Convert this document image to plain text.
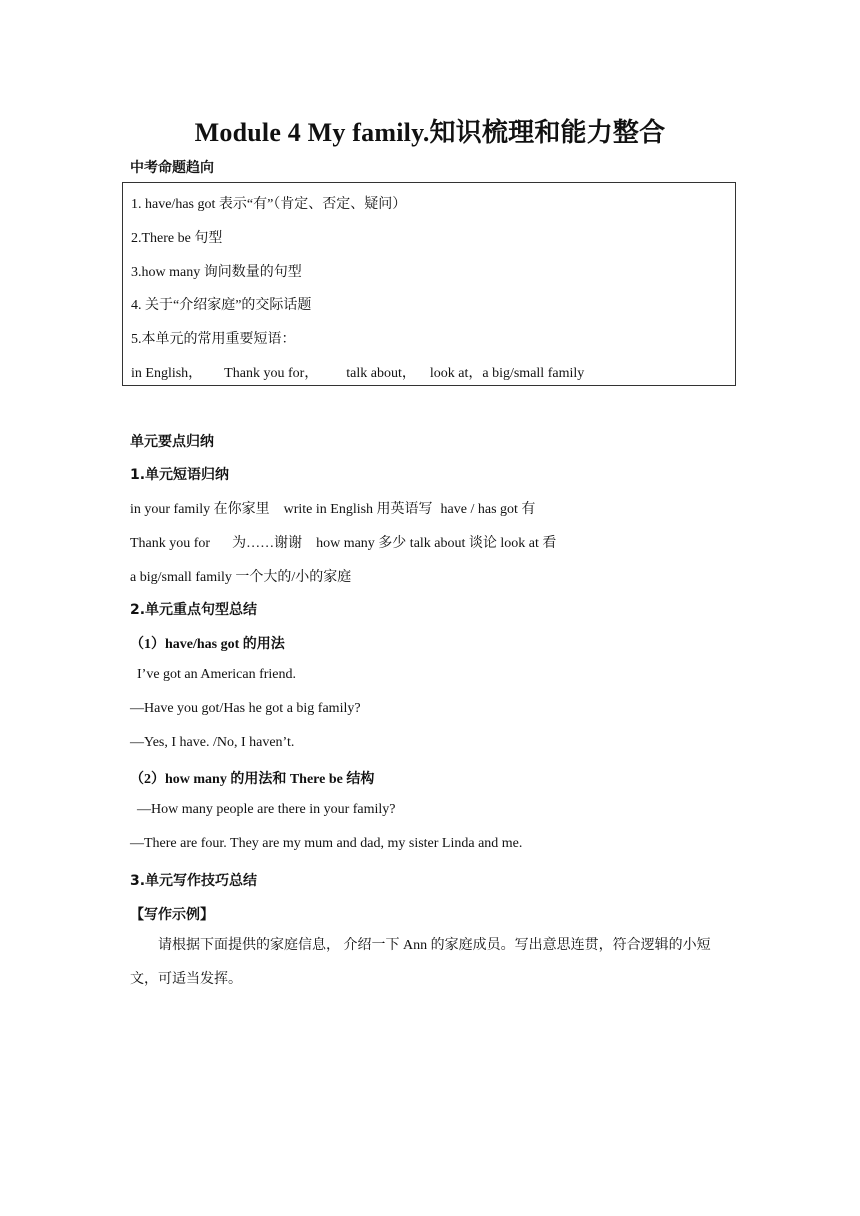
Module 4 My family.知识梳理和能力整合
中考命题趋向
1. have/has got 表示“有”（肯定、否定、疑问）
2.There be 句型
3.how many 询问数量的句型
4. 关于“介绍家庭”的交际话题
5.本单元的常用重要短语：
in English， Thank you for， talk about， look at，a big/small family
单元要点归纳
1.单元短语归纳
in your family 在你家里 write in English 用英语写 have / has got 有
Thank you for 为……谢谢 how many 多少 talk about 谈论 look at 看
a big/small family 一个大的/小的家庭
2.单元重点句型总结
（1）have/has got 的用法
I’ve got an American friend.
—Have you got/Has he got a big family?
—Yes, I have. /No, I haven’t.
（2）how many 的用法和 There be 结构
—How many people are there in your family?
—There are four. They are my mum and dad, my sister Linda and me.
3.单元写作技巧总结
【写作示例】
请根据下面提供的家庭信息， 介绍一下 Ann 的家庭成员。写出意思连贯，符合逻辑的小短文，可适当发挥。
